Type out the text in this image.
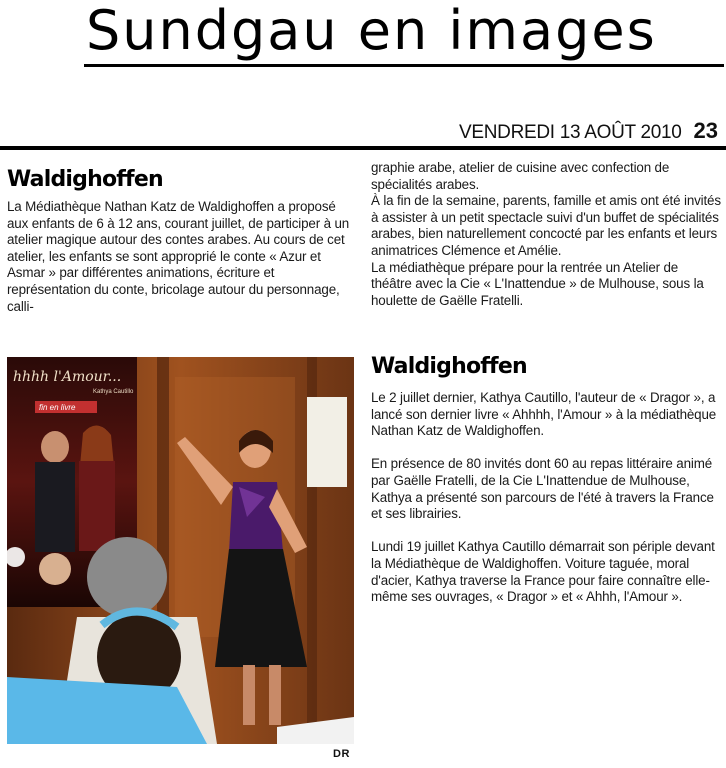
Sundgau en images
VENDREDI 13 AOÛT 2010 23
Waldighoffen

La Médiathèque Nathan Katz de Waldighoffen a proposé aux enfants de 6 à 12 ans, courant juillet, de participer à un atelier magique autour des contes arabes. Au cours de cet atelier, les enfants se sont approprié le conte « Azur et Asmar » par différentes animations, écriture et représentation du conte, bricolage autour du personnage, calli-

graphie arabe, atelier de cuisine avec confection de spécialités arabes.

À la fin de la semaine, parents, famille et amis ont été invités à assister à un petit spectacle suivi d'un buffet de spécialités arabes, bien naturellement concocté par les enfants et leurs animatrices Clémence et Amélie.

La médiathèque prépare pour la rentrée un Atelier de théâtre avec la Cie « L'Inattendue » de Mulhouse, sous la houlette de Gaëlle Fratelli.

Waldighoffen

Le 2 juillet dernier, Kathya Cautillo, l'auteur de « Dragor », a lancé son dernier livre « Ahhhh, l'Amour » à la médiathèque Nathan Katz de Waldighoffen.

En présence de 80 invités dont 60 au repas littéraire animé par Gaëlle Fratelli, de la Cie L'Inattendue de Mulhouse, Kathya a présenté son parcours de l'été à travers la France et ses librairies.

Lundi 19 juillet Kathya Cautillo démarrait son périple devant la Médiathèque de Waldighoffen. Voiture taguée, moral d'acier, Kathya traverse la France pour faire connaître elle-même ses ouvrages, « Dragor » et « Ahhh, l'Amour ».

hhhh l'Amour...
Kathya Cautillo
fin en livre
DR
